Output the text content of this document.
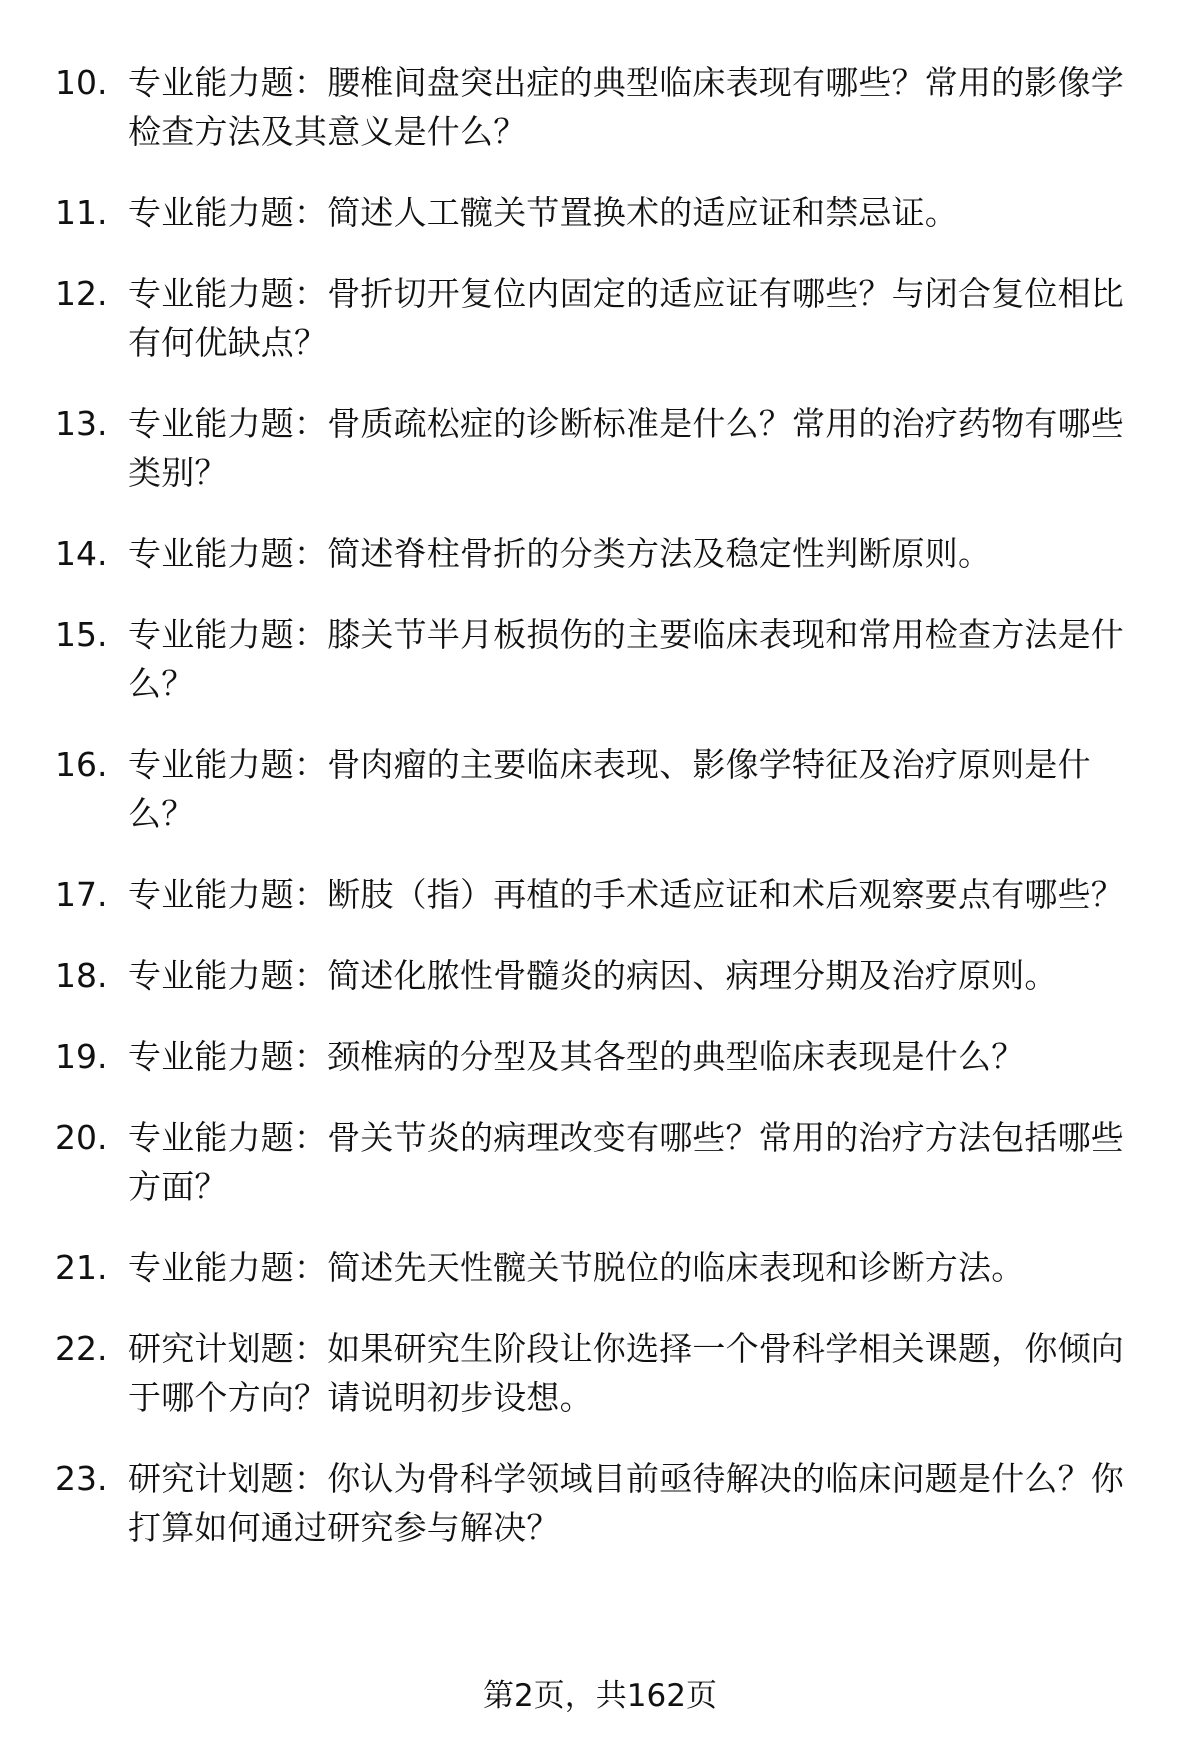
10. 专业能力题：腰椎间盘突出症的典型临床表现有哪些？常用的影像学检查方法及其意义是什么？
11. 专业能力题：简述人工髋关节置换术的适应证和禁忌证。
12. 专业能力题：骨折切开复位内固定的适应证有哪些？与闭合复位相比有何优缺点？
13. 专业能力题：骨质疏松症的诊断标准是什么？常用的治疗药物有哪些类别？
14. 专业能力题：简述脊柱骨折的分类方法及稳定性判断原则。
15. 专业能力题：膝关节半月板损伤的主要临床表现和常用检查方法是什么？
16. 专业能力题：骨肉瘤的主要临床表现、影像学特征及治疗原则是什么？
17. 专业能力题：断肢（指）再植的手术适应证和术后观察要点有哪些？
18. 专业能力题：简述化脓性骨髓炎的病因、病理分期及治疗原则。
19. 专业能力题：颈椎病的分型及其各型的典型临床表现是什么？
20. 专业能力题：骨关节炎的病理改变有哪些？常用的治疗方法包括哪些方面？
21. 专业能力题：简述先天性髋关节脱位的临床表现和诊断方法。
22. 研究计划题：如果研究生阶段让你选择一个骨科学相关课题，你倾向于哪个方向？请说明初步设想。
23. 研究计划题：你认为骨科学领域目前亟待解决的临床问题是什么？你打算如何通过研究参与解决？
第2页，共162页
